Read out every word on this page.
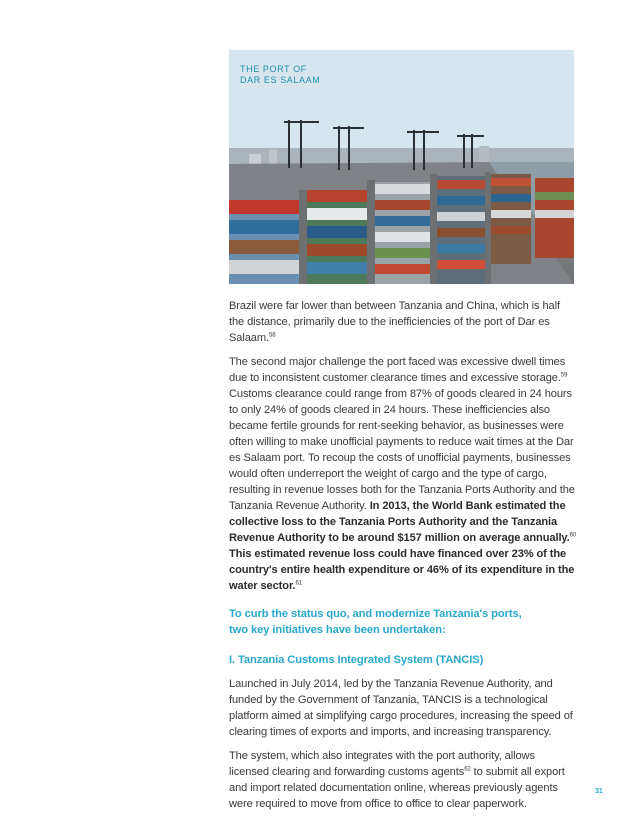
THE PORT OF
DAR ES SALAAM

Brazil were far lower than between Tanzania and China, which is half the distance, primarily due to the inefficiencies of the port of Dar es Salaam.$^{58}$

The second major challenge the port faced was excessive dwell times due to inconsistent customer clearance times and excessive storage.$^{59}$ Customs clearance could range from 87% of goods cleared in 24 hours to only 24% of goods cleared in 24 hours. These inefficiencies also became fertile grounds for rent-seeking behavior, as businesses were often willing to make unofficial payments to reduce wait times at the Dar es Salaam port. To recoup the costs of unofficial payments, businesses would often underreport the weight of cargo and the type of cargo, resulting in revenue losses both for the Tanzania Ports Authority and the Tanzania Revenue Authority. In 2013, the World Bank estimated the collective loss to the Tanzania Ports Authority and the Tanzania Revenue Authority to be around $157 million on average annually.$^{60}$ This estimated revenue loss could have financed over 23% of the country's entire health expenditure or 46% of its expenditure in the water sector.$^{61}$

To curb the status quo, and modernize Tanzania's ports,
two key initiatives have been undertaken:

I. Tanzania Customs Integrated System (TANCIS)

Launched in July 2014, led by the Tanzania Revenue Authority, and funded by the Government of Tanzania, TANCIS is a technological platform aimed at simplifying cargo procedures, increasing the speed of clearing times of exports and imports, and increasing transparency.

The system, which also integrates with the port authority, allows licensed clearing and forwarding customs agents$^{62}$ to submit all export and import related documentation online, whereas previously agents were required to move from office to office to clear paperwork.

31
